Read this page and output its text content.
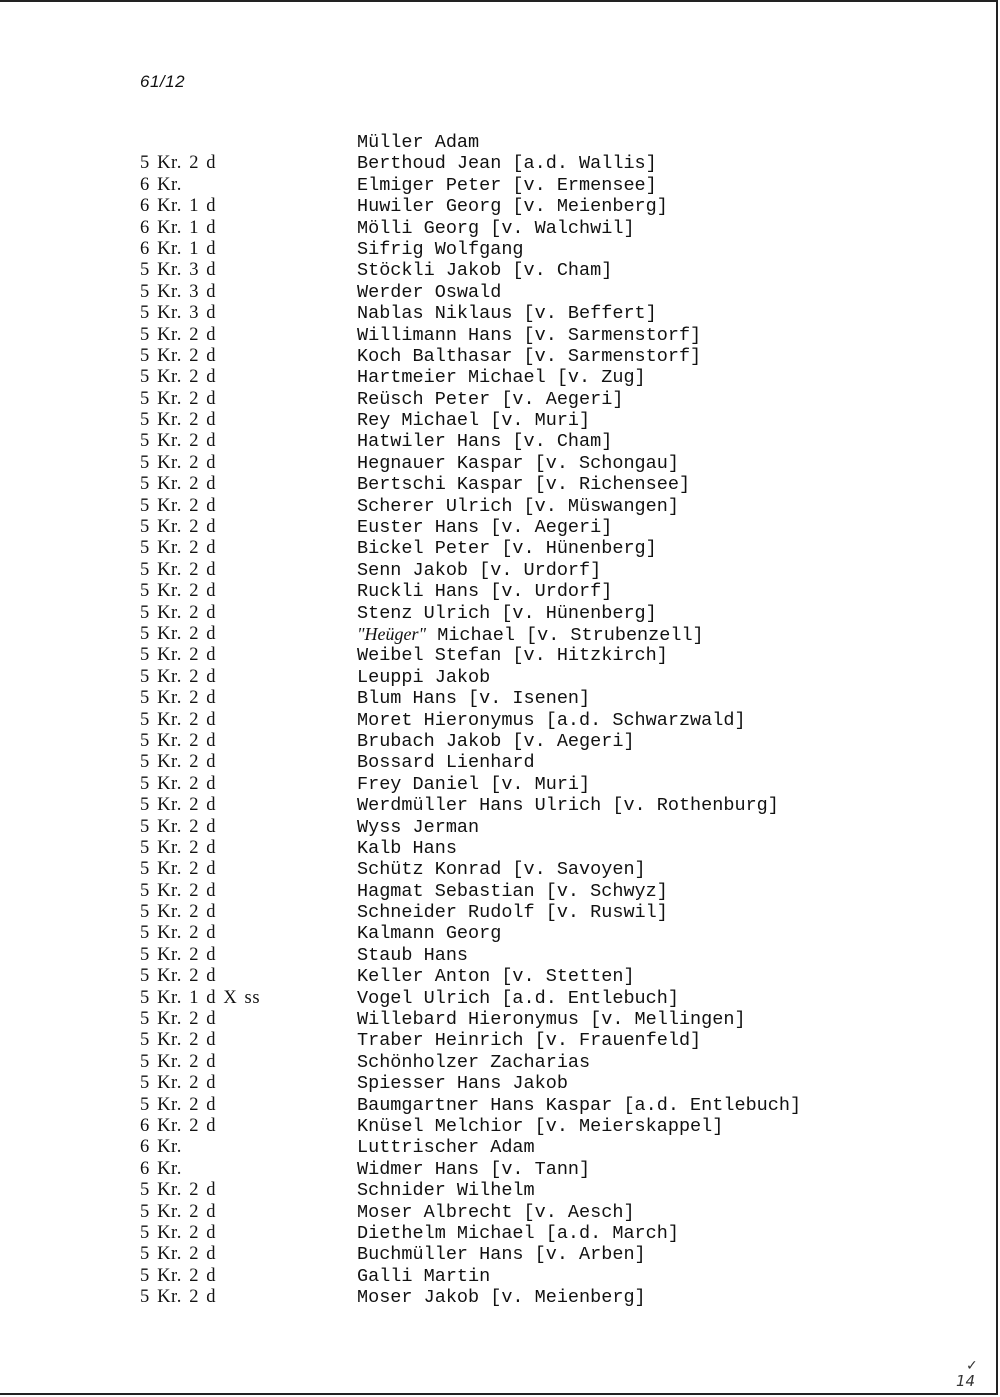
61/12
Müller Adam
5 Kr. 2 d	Berthoud Jean [a.d. Wallis]
6 Kr.	Elmiger Peter [v. Ermensee]
6 Kr. 1 d	Huwiler Georg [v. Meienberg]
6 Kr. 1 d	Mölli Georg [v. Walchwil]
6 Kr. 1 d	Sifrig Wolfgang
5 Kr. 3 d	Stöckli Jakob [v. Cham]
5 Kr. 3 d	Werder Oswald
5 Kr. 3 d	Nablas Niklaus [v. Beffert]
5 Kr. 2 d	Willimann Hans [v. Sarmenstorf]
5 Kr. 2 d	Koch Balthasar [v. Sarmenstorf]
5 Kr. 2 d	Hartmeier Michael [v. Zug]
5 Kr. 2 d	Reüsch Peter [v. Aegeri]
5 Kr. 2 d	Rey Michael [v. Muri]
5 Kr. 2 d	Hatwiler Hans [v. Cham]
5 Kr. 2 d	Hegnauer Kaspar [v. Schongau]
5 Kr. 2 d	Bertschi Kaspar [v. Richensee]
5 Kr. 2 d	Scherer Ulrich [v. Müswangen]
5 Kr. 2 d	Euster Hans [v. Aegeri]
5 Kr. 2 d	Bickel Peter [v. Hünenberg]
5 Kr. 2 d	Senn Jakob [v. Urdorf]
5 Kr. 2 d	Ruckli Hans [v. Urdorf]
5 Kr. 2 d	Stenz Ulrich [v. Hünenberg]
5 Kr. 2 d	"Heüger" Michael [v. Strubenzell]
5 Kr. 2 d	Weibel Stefan [v. Hitzkirch]
5 Kr. 2 d	Leuppi Jakob
5 Kr. 2 d	Blum Hans [v. Isenen]
5 Kr. 2 d	Moret Hieronymus [a.d. Schwarzwald]
5 Kr. 2 d	Brubach Jakob [v. Aegeri]
5 Kr. 2 d	Bossard Lienhard
5 Kr. 2 d	Frey Daniel [v. Muri]
5 Kr. 2 d	Werdmüller Hans Ulrich [v. Rothenburg]
5 Kr. 2 d	Wyss Jerman
5 Kr. 2 d	Kalb Hans
5 Kr. 2 d	Schütz Konrad [v. Savoyen]
5 Kr. 2 d	Hagmat Sebastian [v. Schwyz]
5 Kr. 2 d	Schneider Rudolf [v. Ruswil]
5 Kr. 2 d	Kalmann Georg
5 Kr. 2 d	Staub Hans
5 Kr. 2 d	Keller Anton [v. Stetten]
5 Kr. 1 d X ss	Vogel Ulrich [a.d. Entlebuch]
5 Kr. 2 d	Willebard Hieronymus [v. Mellingen]
5 Kr. 2 d	Traber Heinrich [v. Frauenfeld]
5 Kr. 2 d	Schönholzer Zacharias
5 Kr. 2 d	Spiesser Hans Jakob
5 Kr. 2 d	Baumgartner Hans Kaspar [a.d. Entlebuch]
6 Kr. 2 d	Knüsel Melchior [v. Meierskappel]
6 Kr.	Luttrischer Adam
6 Kr.	Widmer Hans [v. Tann]
5 Kr. 2 d	Schnider Wilhelm
5 Kr. 2 d	Moser Albrecht [v. Aesch]
5 Kr. 2 d	Diethelm Michael [a.d. March]
5 Kr. 2 d	Buchmüller Hans [v. Arben]
5 Kr. 2 d	Galli Martin
5 Kr. 2 d	Moser Jakob [v. Meienberg]
✓
14
